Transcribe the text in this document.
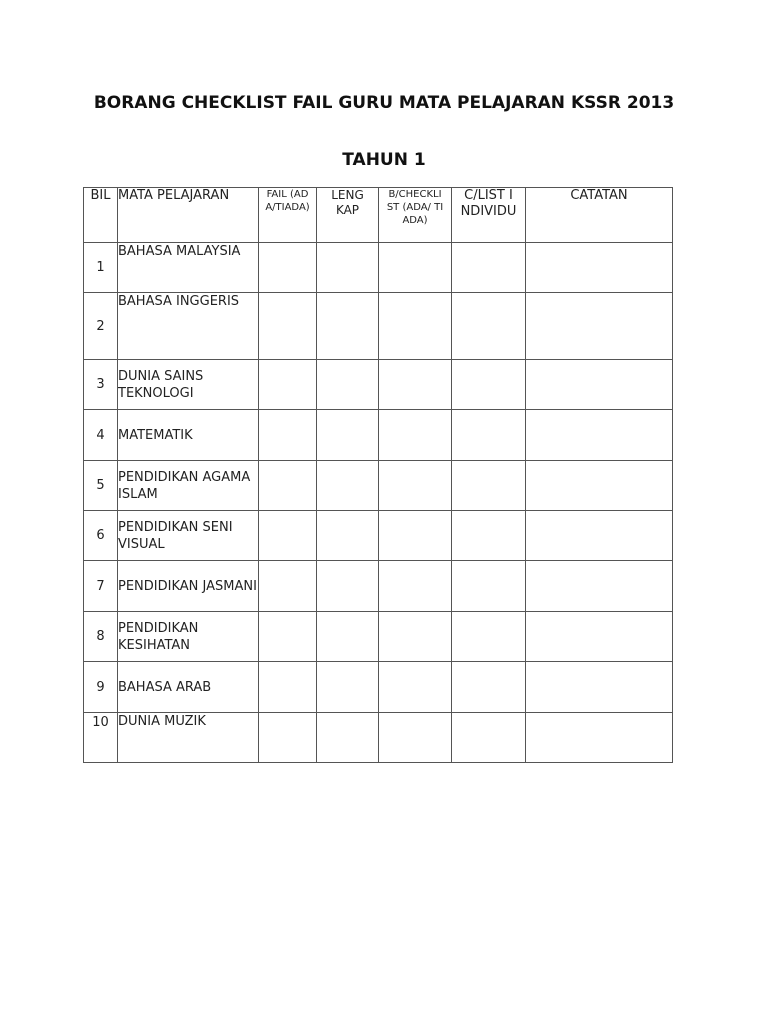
BORANG CHECKLIST FAIL GURU MATA PELAJARAN KSSR 2013
TAHUN 1
BIL	MATA PELAJARAN	FAIL (ADA/TIADA)	LENGKAP	B/CHECKLIST (ADA/ TIADA)	C/LIST INDIVIDU	CATATAN
1	BAHASA MALAYSIA					
2	BAHASA INGGERIS					
3	DUNIA SAINS TEKNOLOGI					
4	MATEMATIK					
5	PENDIDIKAN AGAMA ISLAM					
6	PENDIDIKAN SENI VISUAL					
7	PENDIDIKAN JASMANI					
8	PENDIDIKAN KESIHATAN					
9	BAHASA ARAB					
10	DUNIA MUZIK					
